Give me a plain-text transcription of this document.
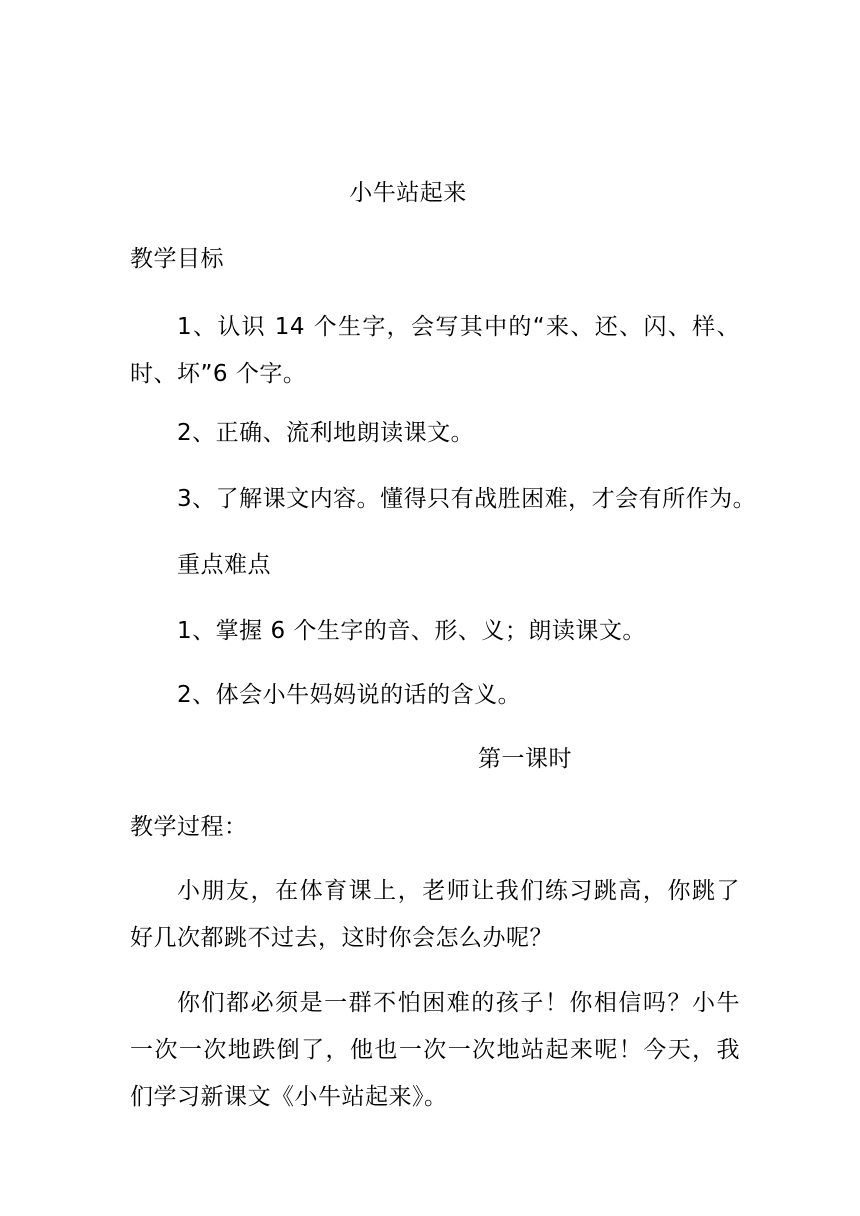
小牛站起来
教学目标
1、认识 14 个生字，会写其中的“来、还、闪、样、时、坏”6 个字。
2、正确、流利地朗读课文。
3、了解课文内容。懂得只有战胜困难，才会有所作为。
重点难点
1、掌握 6 个生字的音、形、义；朗读课文。
2、体会小牛妈妈说的话的含义。
第一课时
教学过程：
小朋友，在体育课上，老师让我们练习跳高，你跳了好几次都跳不过去，这时你会怎么办呢？
你们都必须是一群不怕困难的孩子！你相信吗？小牛一次一次地跌倒了，他也一次一次地站起来呢！今天，我们学习新课文《小牛站起来》。
